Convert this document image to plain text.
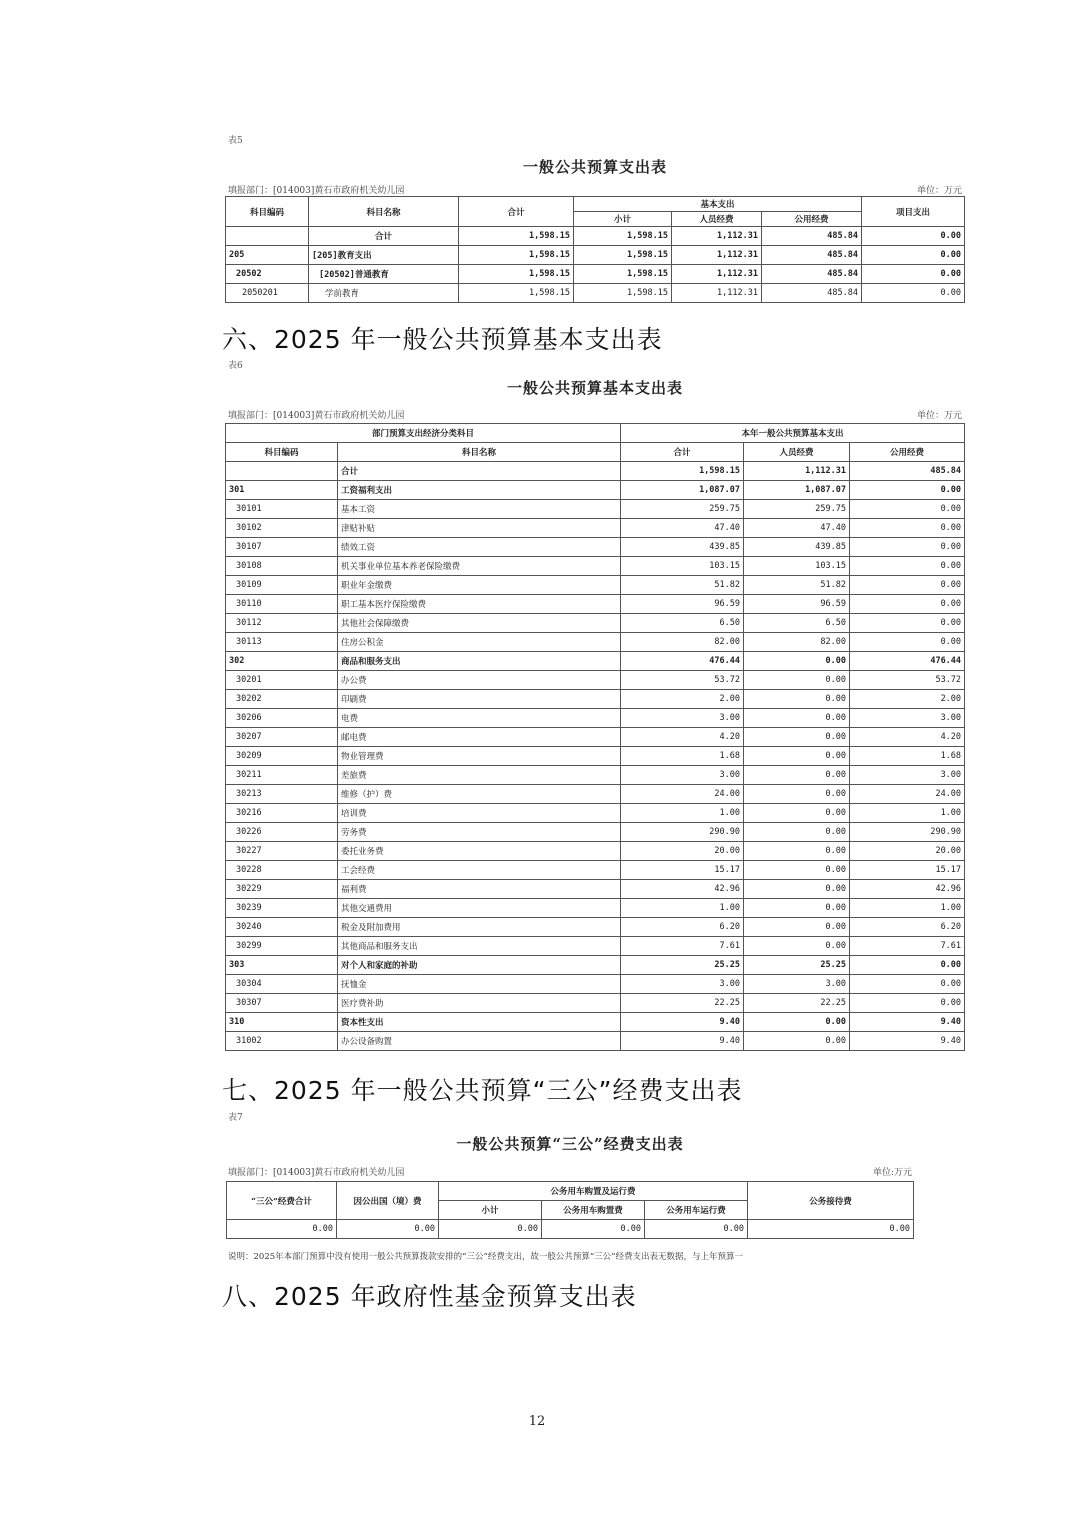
表5
一般公共预算支出表
填报部门：[014003]黄石市政府机关幼儿园	单位：万元
科目编码	科目名称	合计	基本支出			项目支出
			小计	人员经费	公用经费	
	合计	1,598.15	1,598.15	1,112.31	485.84	0.00
205	[205]教育支出	1,598.15	1,598.15	1,112.31	485.84	0.00
20502	[20502]普通教育	1,598.15	1,598.15	1,112.31	485.84	0.00
2050201	学前教育	1,598.15	1,598.15	1,112.31	485.84	0.00
六、2025 年一般公共预算基本支出表
表6
一般公共预算基本支出表
填报部门：[014003]黄石市政府机关幼儿园	单位：万元
部门预算支出经济分类科目		本年一般公共预算基本支出		
科目编码	科目名称	合计	人员经费	公用经费
	合计	1,598.15	1,112.31	485.84
301	工资福利支出	1,087.07	1,087.07	0.00
30101	基本工资	259.75	259.75	0.00
30102	津贴补贴	47.40	47.40	0.00
30107	绩效工资	439.85	439.85	0.00
30108	机关事业单位基本养老保险缴费	103.15	103.15	0.00
30109	职业年金缴费	51.82	51.82	0.00
30110	职工基本医疗保险缴费	96.59	96.59	0.00
30112	其他社会保障缴费	6.50	6.50	0.00
30113	住房公积金	82.00	82.00	0.00
302	商品和服务支出	476.44	0.00	476.44
30201	办公费	53.72	0.00	53.72
30202	印刷费	2.00	0.00	2.00
30206	电费	3.00	0.00	3.00
30207	邮电费	4.20	0.00	4.20
30209	物业管理费	1.68	0.00	1.68
30211	差旅费	3.00	0.00	3.00
30213	维修（护）费	24.00	0.00	24.00
30216	培训费	1.00	0.00	1.00
30226	劳务费	290.90	0.00	290.90
30227	委托业务费	20.00	0.00	20.00
30228	工会经费	15.17	0.00	15.17
30229	福利费	42.96	0.00	42.96
30239	其他交通费用	1.00	0.00	1.00
30240	税金及附加费用	6.20	0.00	6.20
30299	其他商品和服务支出	7.61	0.00	7.61
303	对个人和家庭的补助	25.25	25.25	0.00
30304	抚恤金	3.00	3.00	0.00
30307	医疗费补助	22.25	22.25	0.00
310	资本性支出	9.40	0.00	9.40
31002	办公设备购置	9.40	0.00	9.40
七、2025 年一般公共预算“三公”经费支出表
表7
一般公共预算“三公”经费支出表
填报部门：[014003]黄石市政府机关幼儿园	单位:万元
“三公”经费合计	因公出国（境）费	公务用车购置及运行费			公务接待费
		小计	公务用车购置费	公务用车运行费	
0.00	0.00	0.00	0.00	0.00	0.00
说明：2025年本部门预算中没有使用一般公共预算拨款安排的“三公”经费支出，故一般公共预算“三公”经费支出表无数据，与上年预算一
八、2025 年政府性基金预算支出表
12
